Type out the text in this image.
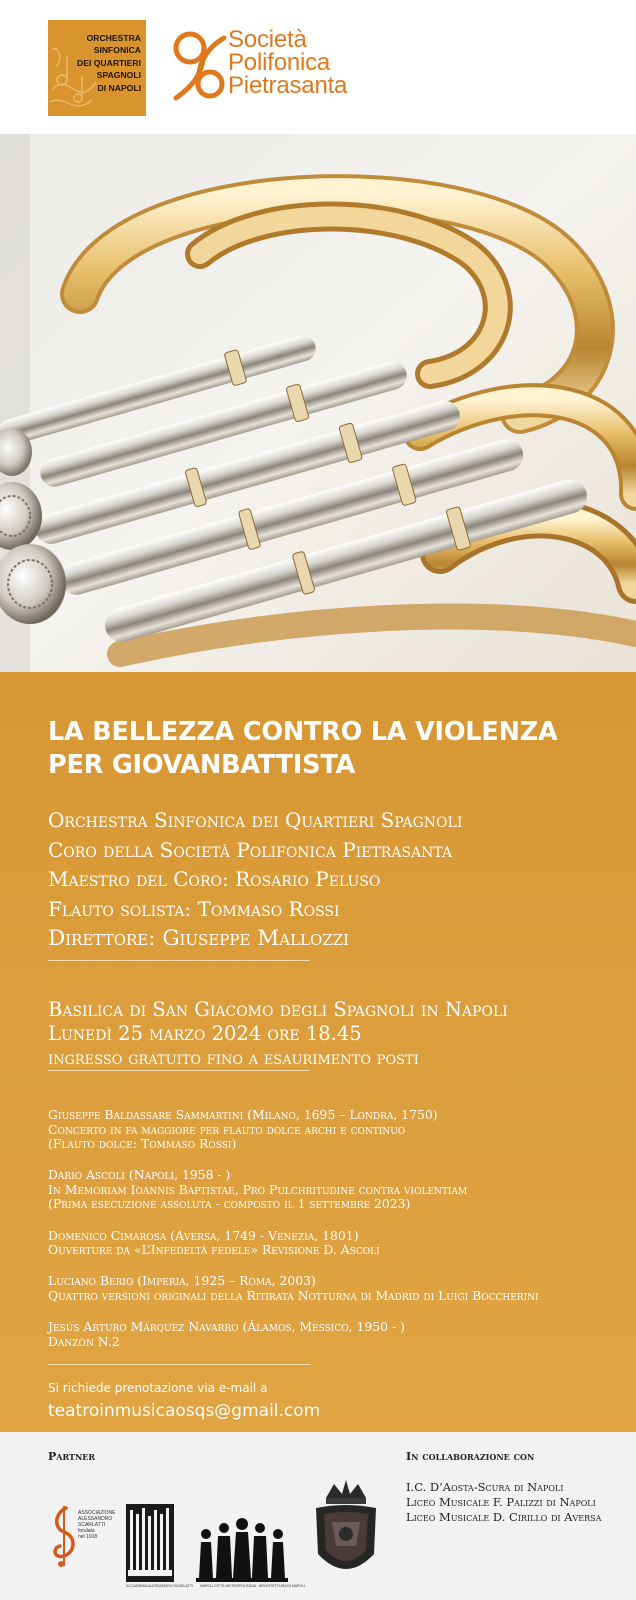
ORCHESTRA
SINFONICA
DEI QUARTIERI
SPAGNOLI
DI NAPOLI
Società
Polifonica
Pietrasanta
LA BELLEZZA CONTRO LA VIOLENZA
PER GIOVANBATTISTA
Orchestra Sinfonica dei Quartieri Spagnoli
Coro della Società Polifonica Pietrasanta
Maestro del Coro: Rosario Peluso
Flauto solista: Tommaso Rossi
Direttore: Giuseppe Mallozzi
Basilica di San Giacomo degli Spagnoli in Napoli
Lunedì 25 marzo 2024 ore 18.45
ingresso gratuito fino a esaurimento posti
Giuseppe Baldassare Sammartini (Milano, 1695 – Londra, 1750)
Concerto in fa maggiore per flauto dolce archi e continuo
(Flauto dolce: Tommaso Rossi)
Dario Ascoli (Napoli, 1958 - )
In Memoriam Ioannis Baptistae, Pro Pulchritudine contra violentiam
(Prima esecuzione assoluta - composto il 1 settembre 2023)
Domenico Cimarosa (Aversa, 1749 - Venezia, 1801)
Ouverture da «L’Infedeltà fedele» Revisione D. Ascoli
Luciano Berio (Imperia, 1925 – Roma, 2003)
Quattro versioni originali della Ritirata Notturna di Madrid di Luigi Boccherini
Jesús Arturo Márquez Navarro (Álamos, Messico, 1950 - )
Danzòn N.2
Si richiede prenotazione via e-mail a
teatroinmusicaosqs@gmail.com
Partner	In collaborazione con
I.C. D’Aosta-Scura di Napoli
Liceo Musicale F. Palizzi di Napoli
Liceo Musicale D. Cirillo di Aversa
ASSOCIAZIONE
ALESSANDRO
SCARLATTI
fondata
nel 1918
ACCADEMIA ALESSANDRO SCARLATTI NAPOLI CITTÀ METROPOLITANA · ARCHITETTURA DI NAPOLI
